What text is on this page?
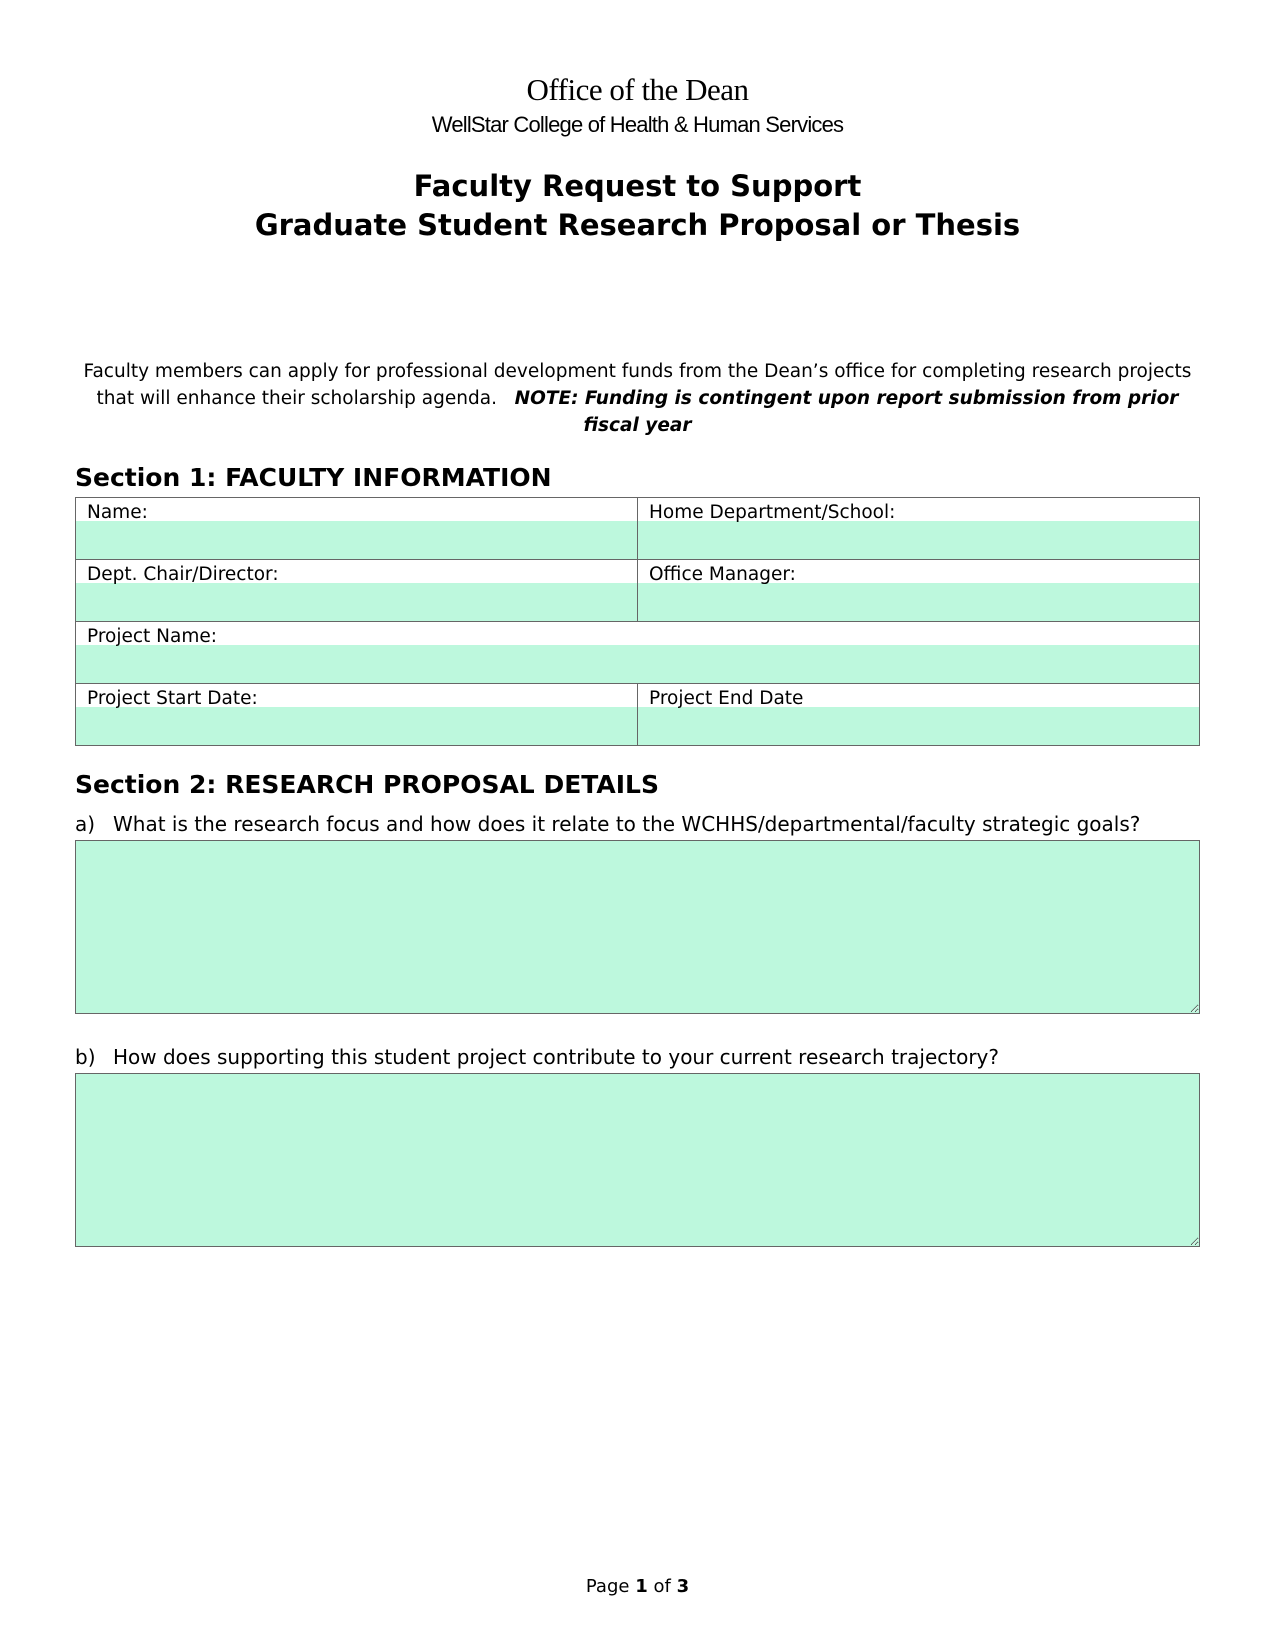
Office of the Dean
WellStar College of Health & Human Services
Faculty Request to Support
Graduate Student Research Proposal or Thesis
Faculty members can apply for professional development funds from the Dean’s office for completing research projects that will enhance their scholarship agenda. NOTE: Funding is contingent upon report submission from prior fiscal year
Section 1: FACULTY INFORMATION
Name:	Home Department/School:
Dept. Chair/Director:	Office Manager:
Project Name:
Project Start Date:	Project End Date
Section 2: RESEARCH PROPOSAL DETAILS
a) What is the research focus and how does it relate to the WCHHS/departmental/faculty strategic goals?
b) How does supporting this student project contribute to your current research trajectory?
Page 1 of 3
